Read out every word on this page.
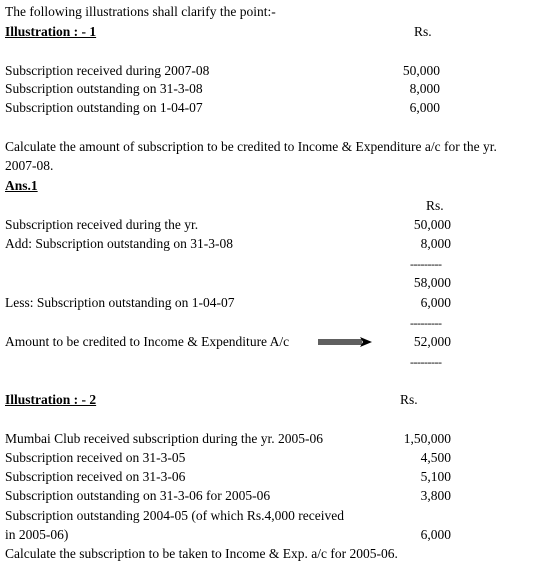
The following illustrations shall clarify the point:-
Illustration : - 1	Rs.
Subscription received during 2007-08	50,000
Subscription outstanding on 31-3-08	8,000
Subscription outstanding on 1-04-07	6,000
Calculate the amount of subscription to be credited to Income & Expenditure a/c for the yr.
2007-08.
Ans.1
Rs.
Subscription received during the yr.	50,000
Add: Subscription outstanding on 31-3-08	8,000
---------
58,000
Less: Subscription outstanding on 1-04-07	6,000
---------
Amount to be credited to Income & Expenditure A/c	52,000
---------
Illustration : - 2	Rs.
Mumbai Club received subscription during the yr. 2005-06	1,50,000
Subscription received on 31-3-05	4,500
Subscription received on 31-3-06	5,100
Subscription outstanding on 31-3-06 for 2005-06	3,800
Subscription outstanding 2004-05 (of which Rs.4,000 received
in 2005-06)	6,000
Calculate the subscription to be taken to Income & Exp. a/c for 2005-06.
